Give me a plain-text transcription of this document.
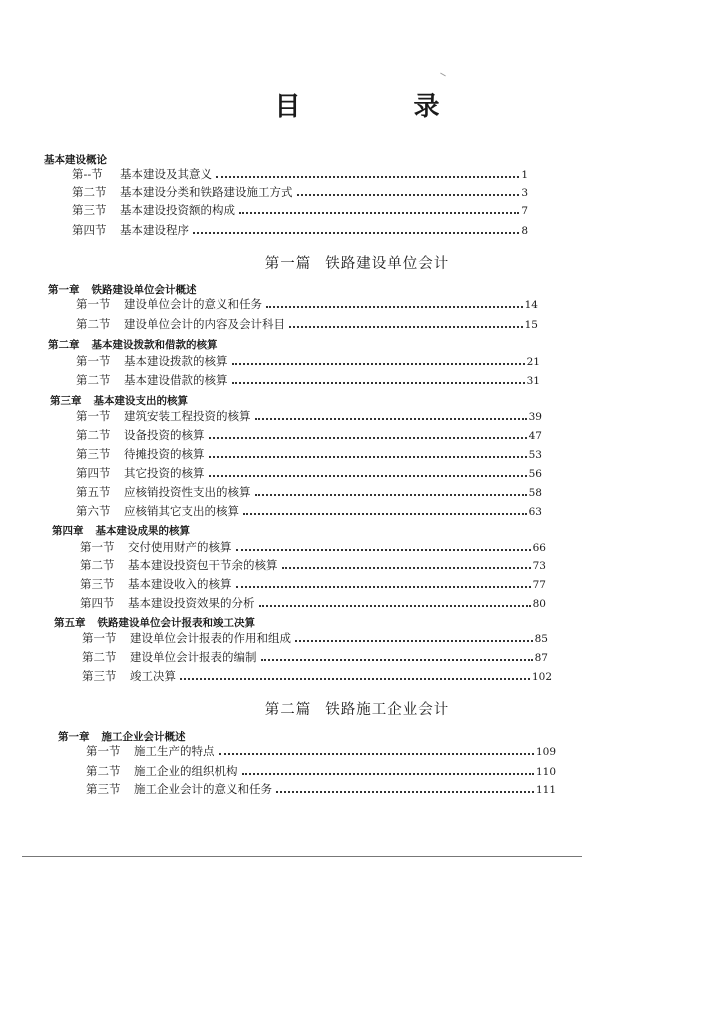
目 录
基本建设概论
第--节	基本建设及其意义	1
第二节	基本建设分类和铁路建设施工方式	3
第三节	基本建设投资额的构成	7
第四节	基本建设程序	8
第一篇 铁路建设单位会计
第一章 铁路建设单位会计概述
第一节	建设单位会计的意义和任务	14
第二节	建设单位会计的内容及会计科目	15
第二章 基本建设拨款和借款的核算
第一节	基本建设拨款的核算	21
第二节	基本建设借款的核算	31
第三章 基本建设支出的核算
第一节	建筑安装工程投资的核算	39
第二节	设备投资的核算	47
第三节	待摊投资的核算	53
第四节	其它投资的核算	56
第五节	应核销投资性支出的核算	58
第六节	应核销其它支出的核算	63
第四章 基本建设成果的核算
第一节	交付使用财产的核算	66
第二节	基本建设投资包干节余的核算	73
第三节	基本建设收入的核算	77
第四节	基本建设投资效果的分析	80
第五章 铁路建设单位会计报表和竣工决算
第一节	建设单位会计报表的作用和组成	85
第二节	建设单位会计报表的编制	87
第三节	竣工决算	102
第二篇 铁路施工企业会计
第一章 施工企业会计概述
第一节	施工生产的特点	109
第二节	施工企业的组织机构	110
第三节	施工企业会计的意义和任务	111
